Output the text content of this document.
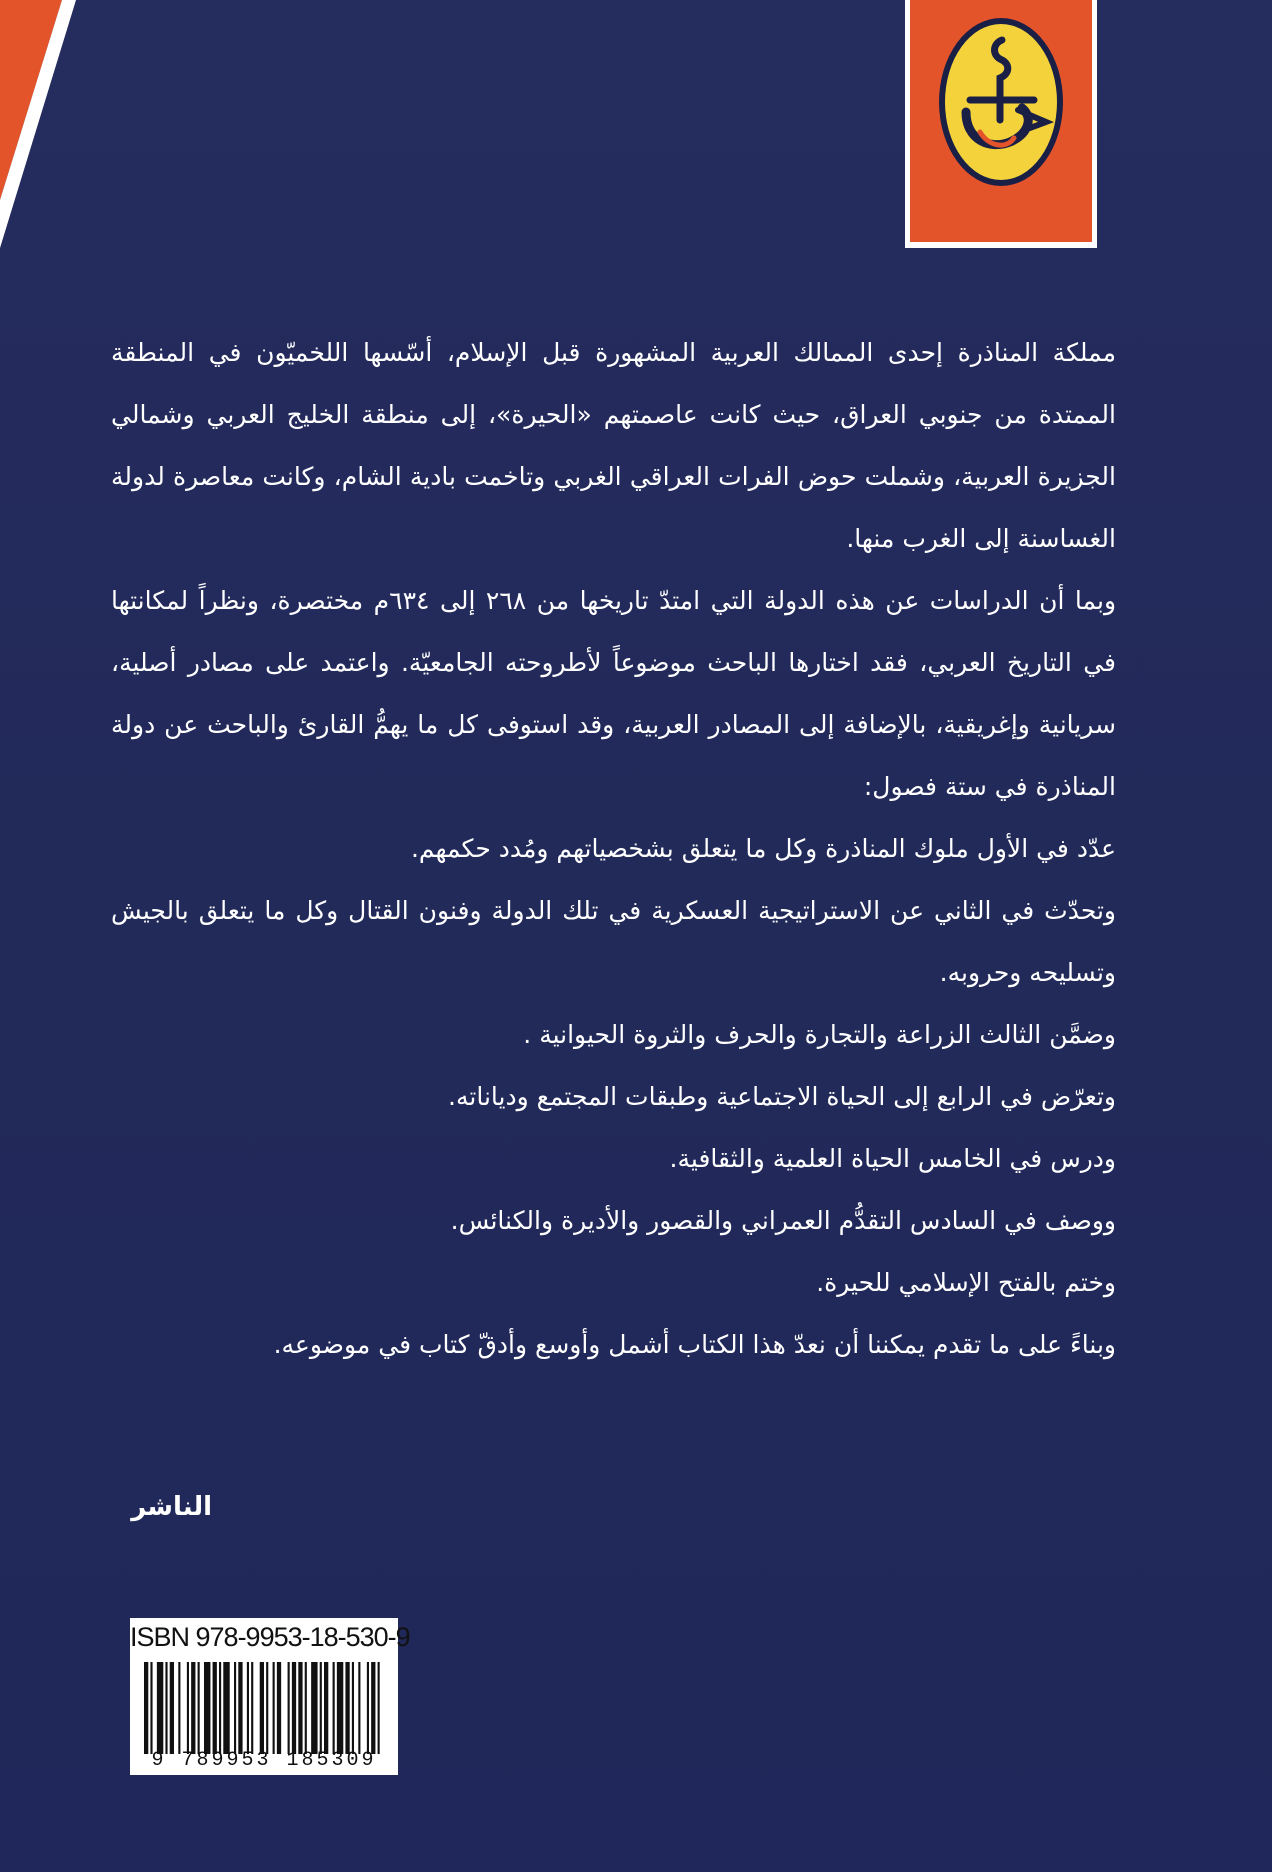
مملكة المناذرة إحدى الممالك العربية المشهورة قبل الإسلام، أسّسها اللخميّون في المنطقة الممتدة من جنوبي العراق، حيث كانت عاصمتهم «الحيرة»، إلى منطقة الخليج العربي وشمالي الجزيرة العربية، وشملت حوض الفرات العراقي الغربي وتاخمت بادية الشام، وكانت معاصرة لدولة الغساسنة إلى الغرب منها.

وبما أن الدراسات عن هذه الدولة التي امتدّ تاريخها من ٢٦٨ إلى ٦٣٤م مختصرة، ونظراً لمكانتها في التاريخ العربي، فقد اختارها الباحث موضوعاً لأطروحته الجامعيّة. واعتمد على مصادر أصلية، سريانية وإغريقية، بالإضافة إلى المصادر العربية، وقد استوفى كل ما يهمُّ القارئ والباحث عن دولة المناذرة في ستة فصول:

عدّد في الأول ملوك المناذرة وكل ما يتعلق بشخصياتهم ومُدد حكمهم.

وتحدّث في الثاني عن الاستراتيجية العسكرية في تلك الدولة وفنون القتال وكل ما يتعلق بالجيش وتسليحه وحروبه.

وضمَّن الثالث الزراعة والتجارة والحرف والثروة الحيوانية .

وتعرّض في الرابع إلى الحياة الاجتماعية وطبقات المجتمع ودياناته.

ودرس في الخامس الحياة العلمية والثقافية.

ووصف في السادس التقدُّم العمراني والقصور والأديرة والكنائس.

وختم بالفتح الإسلامي للحيرة.

وبناءً على ما تقدم يمكننا أن نعدّ هذا الكتاب أشمل وأوسع وأدقّ كتاب في موضوعه.

الناشر
ISBN 978-9953-18-530-9
9 789953 185309
